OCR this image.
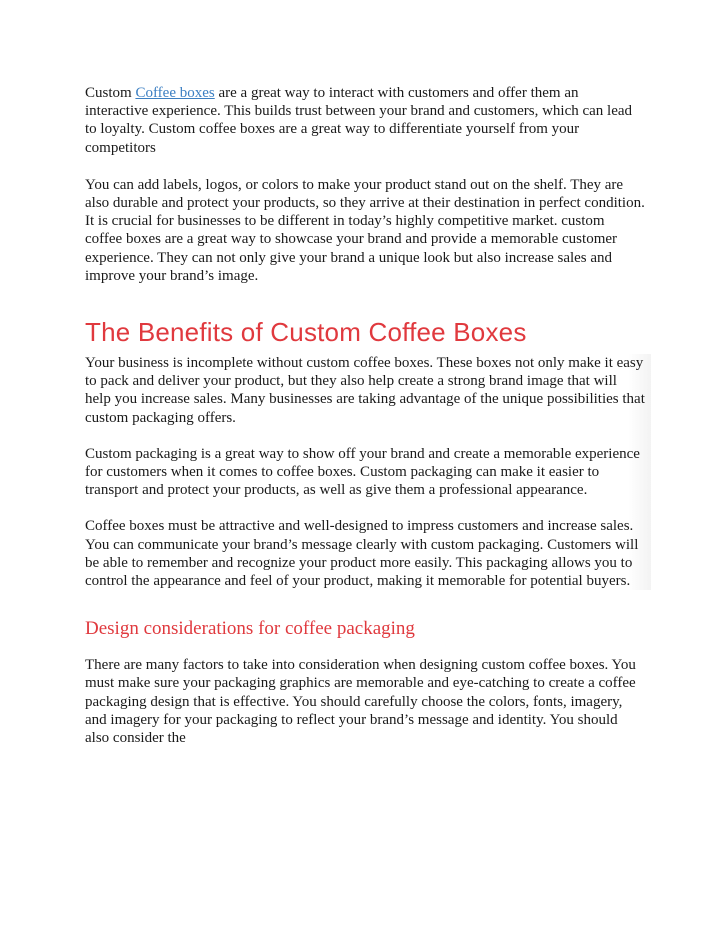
Custom Coffee boxes are a great way to interact with customers and offer them an interactive experience. This builds trust between your brand and customers, which can lead to loyalty. Custom coffee boxes are a great way to differentiate yourself from your competitors

You can add labels, logos, or colors to make your product stand out on the shelf. They are also durable and protect your products, so they arrive at their destination in perfect condition. It is crucial for businesses to be different in today’s highly competitive market. custom coffee boxes are a great way to showcase your brand and provide a memorable customer experience. They can not only give your brand a unique look but also increase sales and improve your brand’s image.

The Benefits of Custom Coffee Boxes

Your business is incomplete without custom coffee boxes. These boxes not only make it easy to pack and deliver your product, but they also help create a strong brand image that will help you increase sales. Many businesses are taking advantage of the unique possibilities that custom packaging offers.

Custom packaging is a great way to show off your brand and create a memorable experience for customers when it comes to coffee boxes. Custom packaging can make it easier to transport and protect your products, as well as give them a professional appearance.

Coffee boxes must be attractive and well-designed to impress customers and increase sales. You can communicate your brand’s message clearly with custom packaging. Customers will be able to remember and recognize your product more easily. This packaging allows you to control the appearance and feel of your product, making it memorable for potential buyers.

Design considerations for coffee packaging

There are many factors to take into consideration when designing custom coffee boxes. You must make sure your packaging graphics are memorable and eye-catching to create a coffee packaging design that is effective. You should carefully choose the colors, fonts, imagery, and imagery for your packaging to reflect your brand’s message and identity. You should also consider the
